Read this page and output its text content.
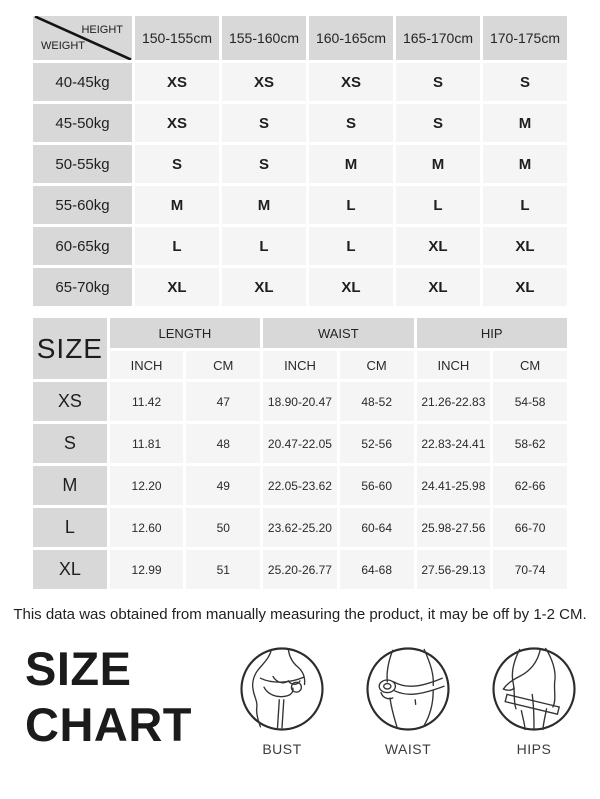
HEIGHT
WEIGHT	150-155cm	155-160cm	160-165cm	165-170cm	170-175cm
40-45kg	XS	XS	XS	S	S
45-50kg	XS	S	S	S	M
50-55kg	S	S	M	M	M
55-60kg	M	M	L	L	L
60-65kg	L	L	L	XL	XL
65-70kg	XL	XL	XL	XL	XL
SIZE	LENGTH		WAIST		HIP	
	INCH	CM	INCH	CM	INCH	CM
XS	11.42	47	18.90-20.47	48-52	21.26-22.83	54-58
S	11.81	48	20.47-22.05	52-56	22.83-24.41	58-62
M	12.20	49	22.05-23.62	56-60	24.41-25.98	62-66
L	12.60	50	23.62-25.20	60-64	25.98-27.56	66-70
XL	12.99	51	25.20-26.77	64-68	27.56-29.13	70-74

This data was obtained from manually measuring the product, it may be off by 1-2 CM.

SIZE
CHART	BUST	WAIST	HIPS
